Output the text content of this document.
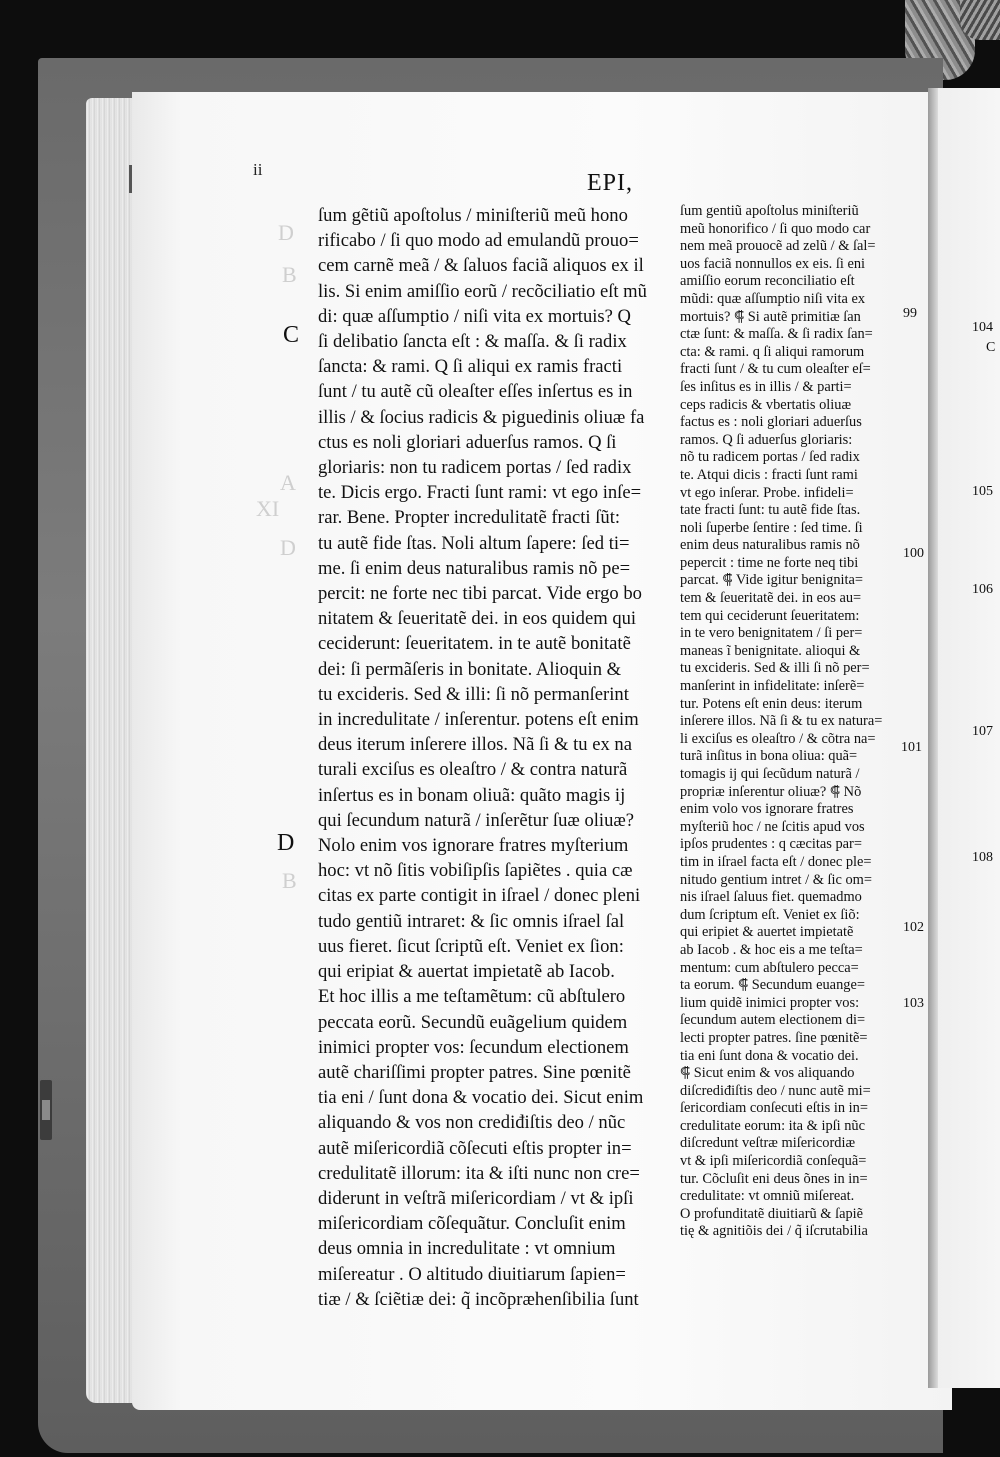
ii
EPI,
D
B
A
XI
D
B
C
D
ſum gẽtiũ apoſtolus / miniſteriũ meũ hono
rificabo / ſi quo modo ad emulandũ prouo=
cem carnẽ meã / & ſaluos faciã aliquos ex il
lis. Si enim amiſſio eorũ / recõciliatio eſt mũ
di: quæ aſſumptio / niſi vita ex mortuis? Q
ſi delibatio ſancta eſt : & maſſa. & ſi radix
ſancta: & rami. Q ſi aliqui ex ramis fracti
ſunt / tu autẽ cũ oleaſter eſſes inſertus es in
illis / & ſocius radicis & piguedinis oliuæ fa
ctus es noli gloriari aduerſus ramos. Q ſi
gloriaris: non tu radicem portas / ſed radix
te. Dicis ergo. Fracti ſunt rami: vt ego inſe=
rar. Bene. Propter incredulitatẽ fracti ſũt:
tu autẽ fide ſtas. Noli altum ſapere: ſed ti=
me. ſi enim deus naturalibus ramis nõ pe=
percit: ne forte nec tibi parcat. Vide ergo bo
nitatem & ſeueritatẽ dei. in eos quidem qui
ceciderunt: ſeueritatem. in te autẽ bonitatẽ
dei: ſi permãſeris in bonitate. Alioquin &
tu excideris. Sed & illi: ſi nõ permanſerint
in incredulitate / inſerentur. potens eſt enim
deus iterum inſerere illos. Nã ſi & tu ex na
turali exciſus es oleaſtro / & contra naturã
inſertus es in bonam oliuã: quãto magis ij
qui ſecundum naturã / inſerẽtur ſuæ oliuæ?
Nolo enim vos ignorare fratres myſterium
hoc: vt nõ ſitis vobiſipſis ſapiẽtes . quia cæ
citas ex parte contigit in iſrael / donec pleni
tudo gentiũ intraret: & ſic omnis iſrael ſal
uus fieret. ſicut ſcriptũ eſt. Veniet ex ſion:
qui eripiat & auertat impietatẽ ab Iacob.
Et hoc illis a me teſtamẽtum: cũ abſtulero
peccata eorũ. Secundũ euãgelium quidem
inimici propter vos: ſecundum electionem
autẽ chariſſimi propter patres. Sine pœnitẽ
tia eni / ſunt dona & vocatio dei. Sicut enim
aliquando & vos non crediđiſtis deo / nũc
autẽ miſericordiã cõſecuti eſtis propter in=
credulitatẽ illorum: ita & iſti nunc non cre=
diderunt in veſtrã miſericordiam / vt & ipſi
miſericordiam cõſequãtur. Concluſit enim
deus omnia in incredulitate : vt omnium
miſereatur . O altitudo diuitiarum ſapien=
tiæ / & ſciẽtiæ dei: q̃ incõpræhenſibilia ſunt
ſum gentiũ apoſtolus miniſteriũ
meũ honorifico / ſi quo modo car
nem meã prouocẽ ad zelũ / & ſal=
uos faciã nonnullos ex eis. ſi eni
amiſſio eorum reconciliatio eſt
mũdi: quæ aſſumptio niſi vita ex
mortuis? ⸿ Si autẽ primitiæ ſan
ctæ ſunt: & maſſa. & ſi radix ſan=
cta: & rami. q ſi aliqui ramorum
fracti ſunt / & tu cum oleaſter eſ=
ſes inſitus es in illis / & parti=
ceps radicis & vbertatis oliuæ
factus es : noli gloriari aduerſus
ramos. Q ſi aduerſus gloriaris:
nõ tu radicem portas / ſed radix
te. Atqui dicis : fracti ſunt rami
vt ego inſerar. Probe. infideli=
tate fracti ſunt: tu autẽ fide ſtas.
noli ſuperbe ſentire : ſed time. ſi
enim deus naturalibus ramis nõ
pepercit : time ne forte neq tibi
parcat. ⸿ Vide igitur benignita=
tem & ſeueritatẽ dei. in eos au=
tem qui ceciderunt ſeueritatem:
in te vero benignitatem / ſi per=
maneas ĩ benignitate. alioqui &
tu excideris. Sed & illi ſi nõ per=
manſerint in infidelitate: inſerẽ=
tur. Potens eſt enin deus: iterum
inſerere illos. Nã ſi & tu ex natura=
li exciſus es oleaſtro / & cõtra na=
turã inſitus in bona oliua: quã=
tomagis ij qui ſecũdum naturã /
propriæ inſerentur oliuæ? ⸿ Nõ
enim volo vos ignorare fratres
myſteriũ hoc / ne ſcitis apud vos
ipſos prudentes : q cæcitas par=
tim in iſrael facta eſt / donec ple=
nitudo gentium intret / & ſic om=
nis iſrael ſaluus fiet. quemadmo
dum ſcriptum eſt. Veniet ex ſiõ:
qui eripiet & auertet impietatẽ
ab Iacob . & hoc eis a me teſta=
mentum: cum abſtulero pecca=
ta eorum. ⸿ Secundum euange=
lium quidẽ inimici propter vos:
ſecundum autem electionem di=
lecti propter patres. ſine pœnitẽ=
tia eni ſunt dona & vocatio dei.
⸿ Sicut enim & vos aliquando
diſcrediđiſtis deo / nunc autẽ mi=
ſericordiam conſecuti eſtis in in=
credulitate eorum: ita & ipſi nũc
diſcredunt veſtræ miſericordiæ
vt & ipſi miſericordiã conſequã=
tur. Cõcluſit eni deus õnes in in=
credulitate: vt omniũ miſereat.
O profunditatẽ diuitiarũ & ſapiẽ
tię & agnitiõis dei / q̃ iſcrutabilia
99
100
101
102
103
104
C
105
106
107
108
